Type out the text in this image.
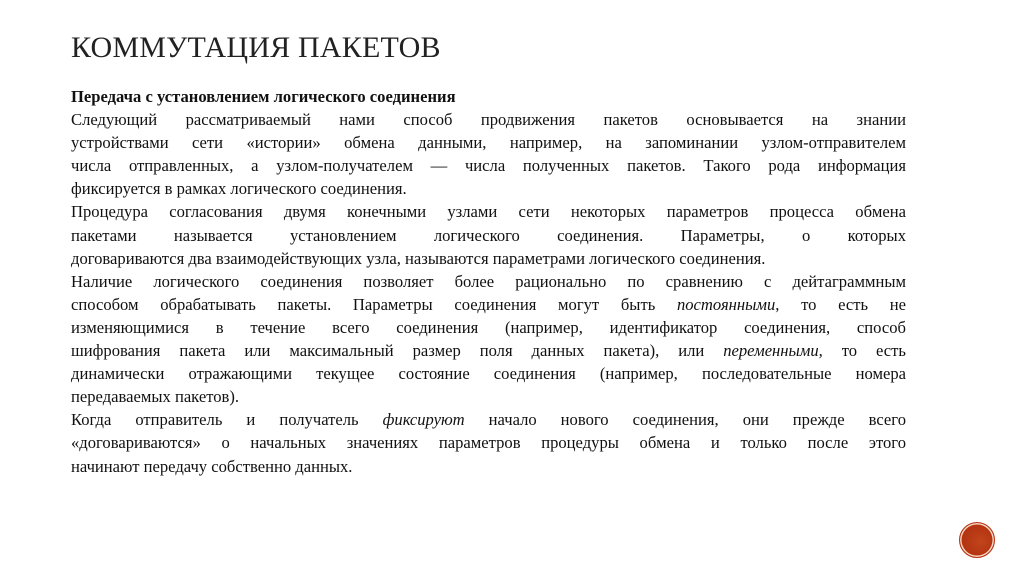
КОММУТАЦИЯ ПАКЕТОВ
Передача с установлением логического соединения
Следующий рассматриваемый нами способ продвижения пакетов основывается на знании
устройствами сети «истории» обмена данными, например, на запоминании узлом-отправителем
числа отправленных, а узлом-получателем — числа полученных пакетов. Такого рода информация
фиксируется в рамках логического соединения.
Процедура согласования двумя конечными узлами сети некоторых параметров процесса обмена
пакетами называется установлением логического соединения. Параметры, о которых
договариваются два взаимодействующих узла, называются параметрами логического соединения.
Наличие логического соединения позволяет более рационально по сравнению с дейтаграммным
способом обрабатывать пакеты. Параметры соединения могут быть постоянными, то есть не
изменяющимися в течение всего соединения (например, идентификатор соединения, способ
шифрования пакета или максимальный размер поля данных пакета), или переменными, то есть
динамически отражающими текущее состояние соединения (например, последовательные номера
передаваемых пакетов).
Когда отправитель и получатель фиксируют начало нового соединения, они прежде всего
«договариваются» о начальных значениях параметров процедуры обмена и только после этого
начинают передачу собственно данных.
